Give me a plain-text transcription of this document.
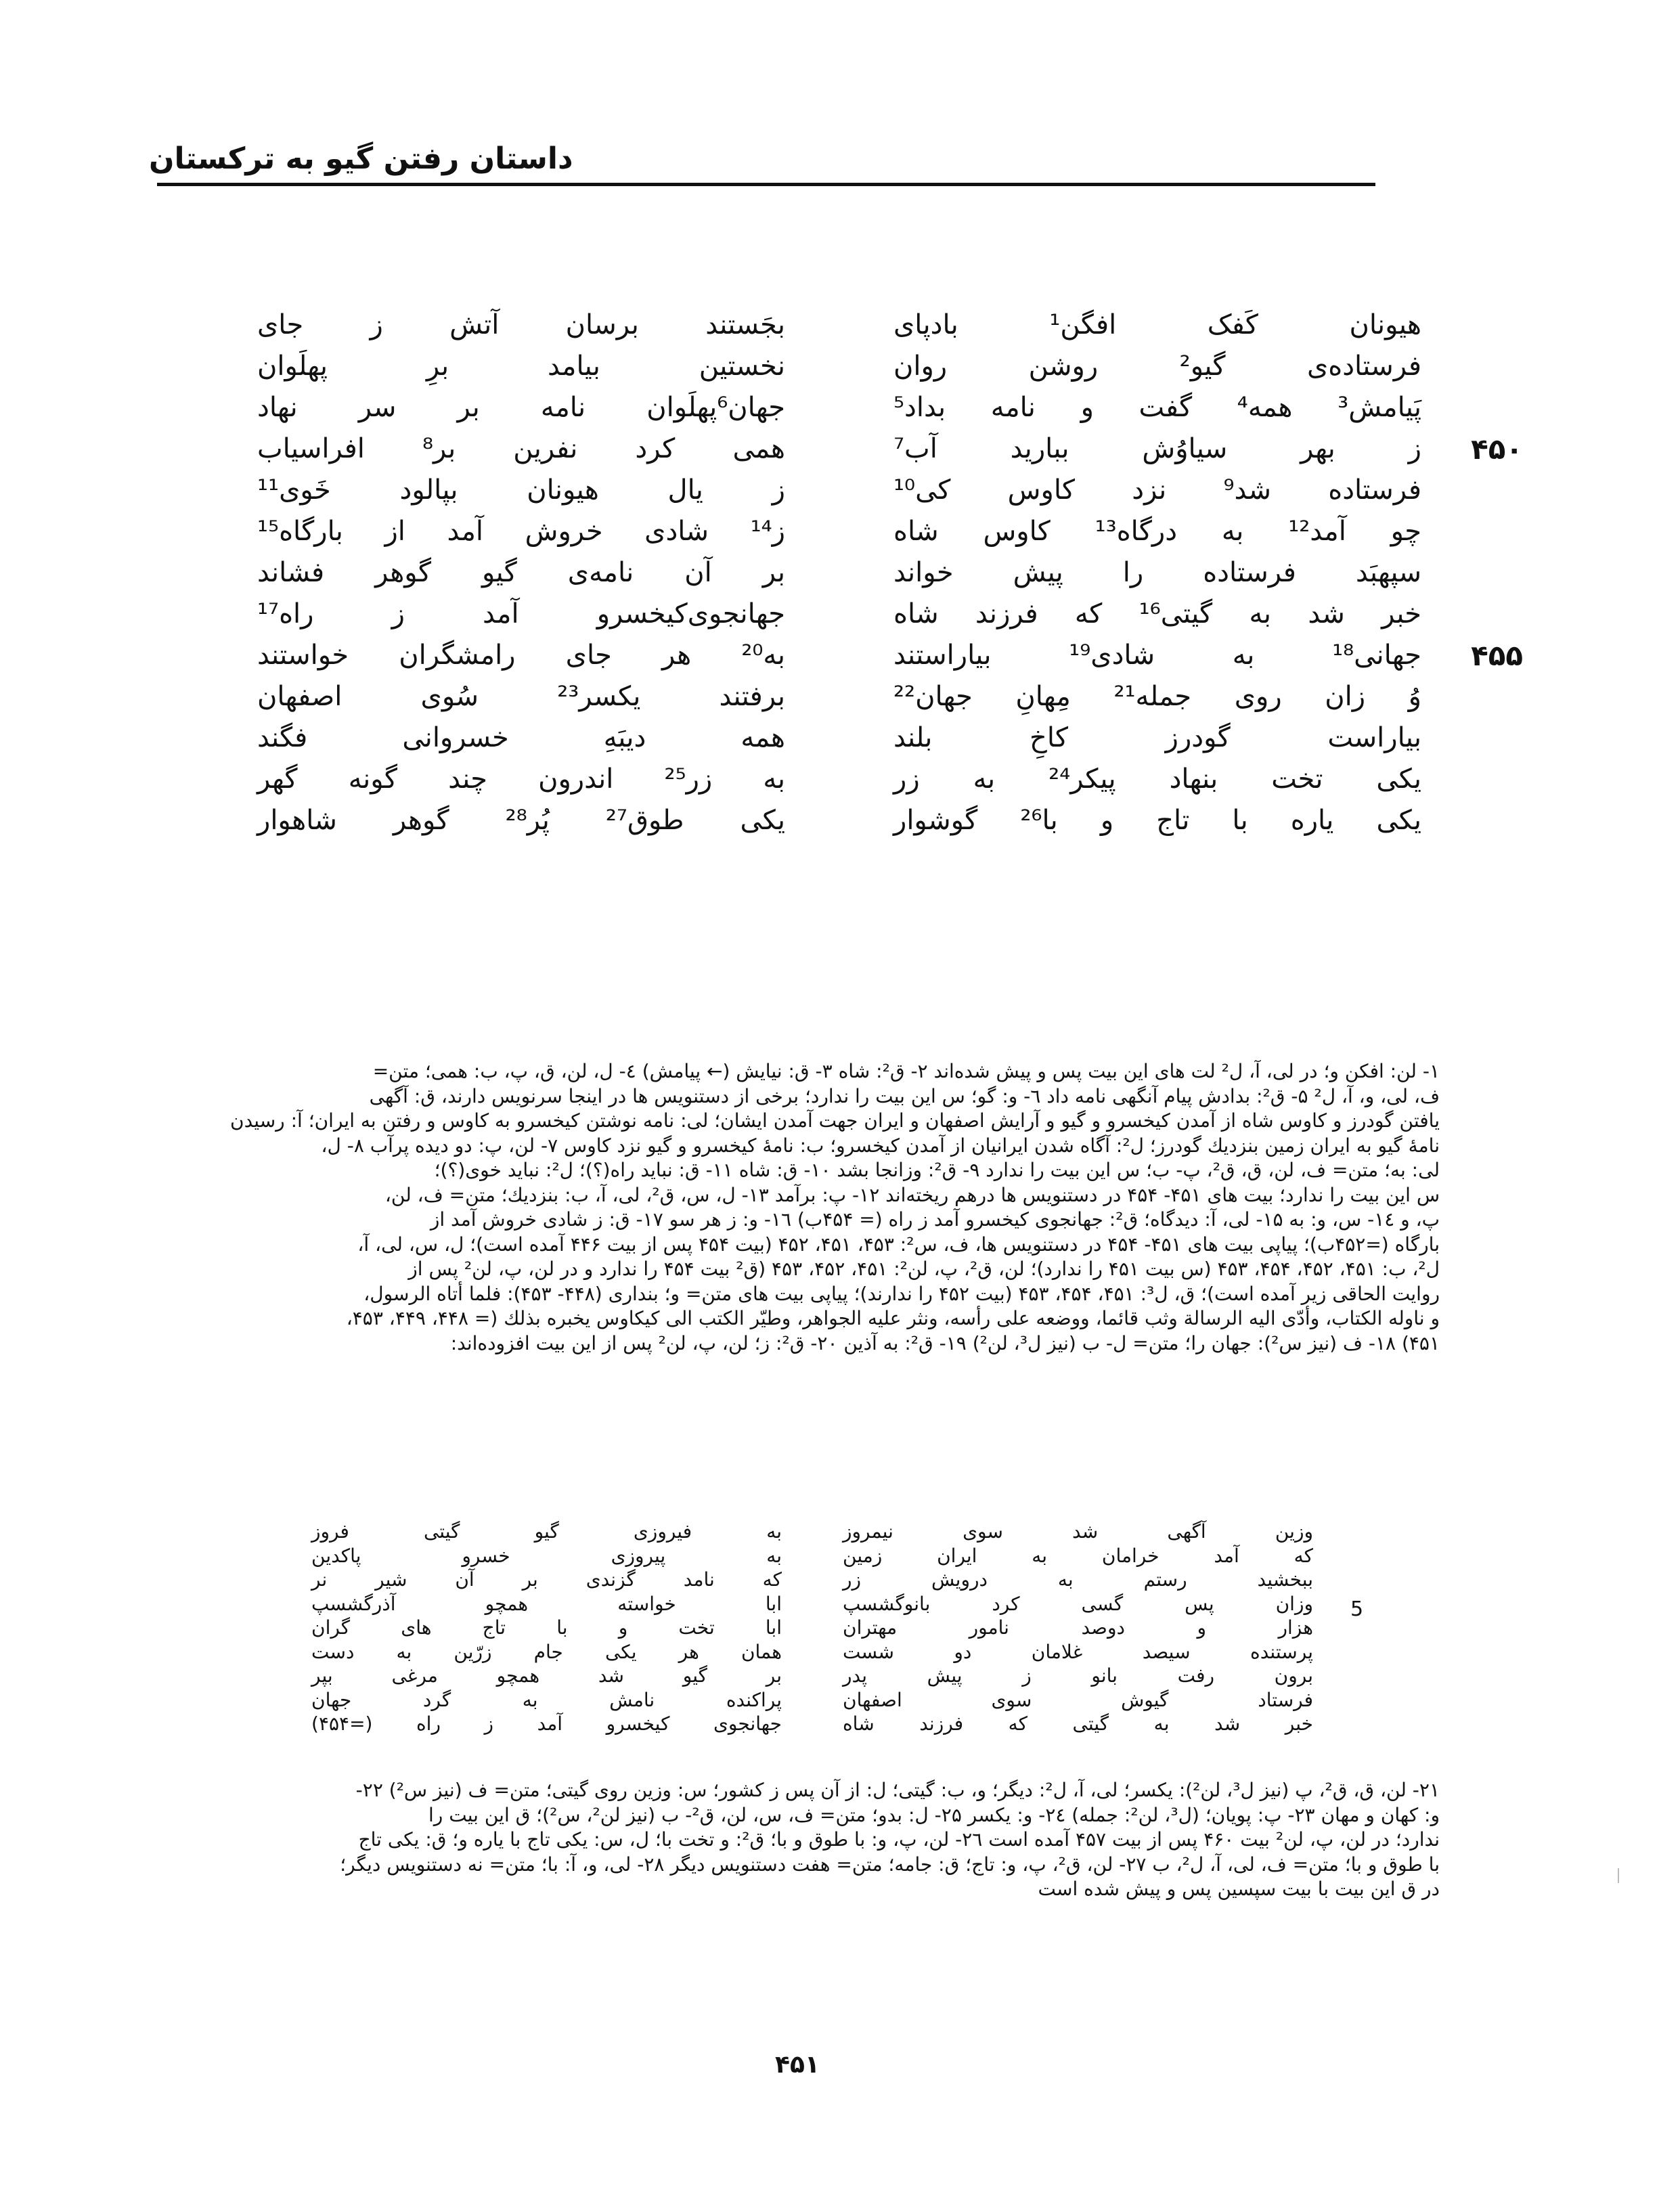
داستان رفتن گیو به ترکستان
هیونان کَفک افگن¹ بادپای
فرستاده‌ی گیو² روشن روان
پَیامش³ همه⁴ گفت و نامه بداد⁵
۴۵۰
ز بهر سیاوُش ببارید آب⁷
فرستاده شد⁹ نزد کاوس کی¹⁰
چو آمد¹² به درگاه¹³ کاوس شاه
سپهبَد فرستاده را پیش خواند
خبر شد به گیتی¹⁶ که فرزند شاه
۴۵۵
جهانی¹⁸ به شادی¹⁹ بیاراستند
وُ زان روی جمله²¹ مِهانِ جهان²²
بیاراست گودرز کاخِ بلند
یکی تخت بنهاد پیکر²⁴ به زر
یکی یاره با تاج و با²⁶ گوشوار
بجَستند برسان آتش ز جای
نخستین بیامد برِ پهلَوان
جهان⁶پهلَوان نامه بر سر نهاد
همی کرد نفرین بر⁸ افراسیاب
ز یال هیونان بپالود خَوی¹¹
ز¹⁴ شادی خروش آمد از بارگاه¹⁵
بر آن نامه‌ی گیو گوهر فشاند
جهانجوی‌کیخسرو آمد ز راه¹⁷
به²⁰ هر جای رامشگران خواستند
برفتند یکسر²³ سُوی اصفهان
همه دیبَهِ خسروانی فگند
به زر²⁵ اندرون چند گونه گهر
یکی طوق²⁷ پُر²⁸ گوهر شاهوار

۱- لن: افکن و؛ در لی، آ، ل² لت های این بیت پس و پیش شده‌اند ۲- ق²: شاه ۳- ق: نیایش (← پیامش) ٤- ل، لن، ق، پ، ب: همی؛ متن=

ف، لی، و، آ، ل² ۵- ق²: بدادش پیام آنگهی نامه داد ٦- و: گو؛ س این بیت را ندارد؛ برخی از دستنویس ها در اینجا سرنویس دارند، ق: آگهی

یافتن گودرز و کاوس شاه از آمدن کیخسرو و گیو و آرایش اصفهان و ایران جهت آمدن ایشان؛ لی: نامه نوشتن کیخسرو به کاوس و رفتن به ایران؛ آ: رسیدن

نامهٔ گیو به ایران زمین بنزدیك گودرز؛ ل²: آگاه شدن ایرانیان از آمدن کیخسرو؛ ب: نامهٔ کیخسرو و گیو نزد کاوس ۷- لن، پ: دو دیده پرآب ۸- ل،

لی: به؛ متن= ف، لن، ق، ق²، پ- ب؛ س این بیت را ندارد ۹- ق²: وزانجا بشد ۱۰- ق: شاه ۱۱- ق: نباید راه(؟)؛ ل²: نباید خوی(؟)؛

س این بیت را ندارد؛ بیت های ۴۵۱- ۴۵۴ در دستنویس ها درهم ریخته‌اند ۱۲- پ: برآمد ۱۳- ل، س، ق²، لی، آ، ب: بنزدیك؛ متن= ف، لن،

پ، و ١٤- س، و: به ۱۵- لی، آ: دیدگاه؛ ق²: جهانجوی کیخسرو آمد ز راه (= ۴۵۴ب) ١٦- و: ز هر سو ۱۷- ق: ز شادی خروش آمد از

بارگاه (=۴۵۲ب)؛ پیاپی بیت های ۴۵۱- ۴۵۴ در دستنویس ها، ف، س²: ۴۵۳، ۴۵۱، ۴۵۲ (بیت ۴۵۴ پس از بیت ۴۴۶ آمده است)؛ ل، س، لی، آ،

ل²، ب: ۴۵۱، ۴۵۲، ۴۵۴، ۴۵۳ (س بیت ۴۵۱ را ندارد)؛ لن، ق²، پ، لن²: ۴۵۱، ۴۵۲، ۴۵۳ (ق² بیت ۴۵۴ را ندارد و در لن، پ، لن² پس از

روایت الحاقی زیر آمده است)؛ ق، ل³: ۴۵۱، ۴۵۴، ۴۵۳ (بیت ۴۵۲ را ندارند)؛ پیاپی بیت های متن= و؛ بنداری (۴۴۸- ۴۵۳): فلما أتاه الرسول،

و ناوله الکتاب، وأدّی الیه الرسالة وثب قائما، ووضعه علی رأسه، ونثر علیه الجواهر، وطيّر الکتب الی کیکاوس یخبره بذلك (= ۴۴۸، ۴۴۹، ۴۵۳،

۴۵۱) ۱۸- ف (نیز س²): جهان را؛ متن= ل- ب (نیز ل³، لن²) ۱۹- ق²: به آذین ۲۰- ق²: ز؛ لن، پ، لن² پس از این بیت افزوده‌اند:

وزین آگهی شد سوی نیمروز
که آمد خرامان به ایران زمین
ببخشید رستم به درویش زر
وزان پس گسی کرد بانوگشسپ
هزار و دوصد نامور مهتران
پرستنده سیصد غلامان دو شست
برون رفت بانو ز پیش پدر
فرستاد گیوش سوی اصفهان
خبر شد به گیتی که فرزند شاه
به فیروزی گیو گیتی فروز
به پیروزی خسرو پاکدین
که نامد گزندی بر آن شیر نر
ابا خواسته همچو آذرگشسپ
ابا تخت و با تاج های گران
همان هر یکی جام زرّین به دست
بر گیو شد همچو مرغی بپر
پراکنده نامش به گرد جهان
جهانجوی کیخسرو آمد ز راه (=۴۵۴)
5

۲۱- لن، ق، ق²، پ (نیز ل³، لن²): یکسر؛ لی، آ، ل²: دیگر؛ و، ب: گیتی؛ ل: از آن پس ز کشور؛ س: وزین روی گیتی؛ متن= ف (نیز س²) ۲۲-

و: کهان و مهان ۲۳- پ: پویان؛ (ل³، لن²: جمله) ٢٤- و: یکسر ۲۵- ل: بدو؛ متن= ف، س، لن، ق²- ب (نیز لن²، س²)؛ ق این بیت را

ندارد؛ در لن، پ، لن² بیت ۴۶۰ پس از بیت ۴۵۷ آمده است ۲٦- لن، پ، و: با طوق و با؛ ق²: و تخت با؛ ل، س: یکی تاج با یاره و؛ ق: یکی تاج

با طوق و با؛ متن= ف، لی، آ، ل²، ب ۲۷- لن، ق²، پ، و: تاج؛ ق: جامه؛ متن= هفت دستنویس دیگر ۲۸- لی، و، آ: با؛ متن= نه دستنویس دیگر؛

در ق این بیت با بیت سپسین پس و پیش شده است

۴۵۱
